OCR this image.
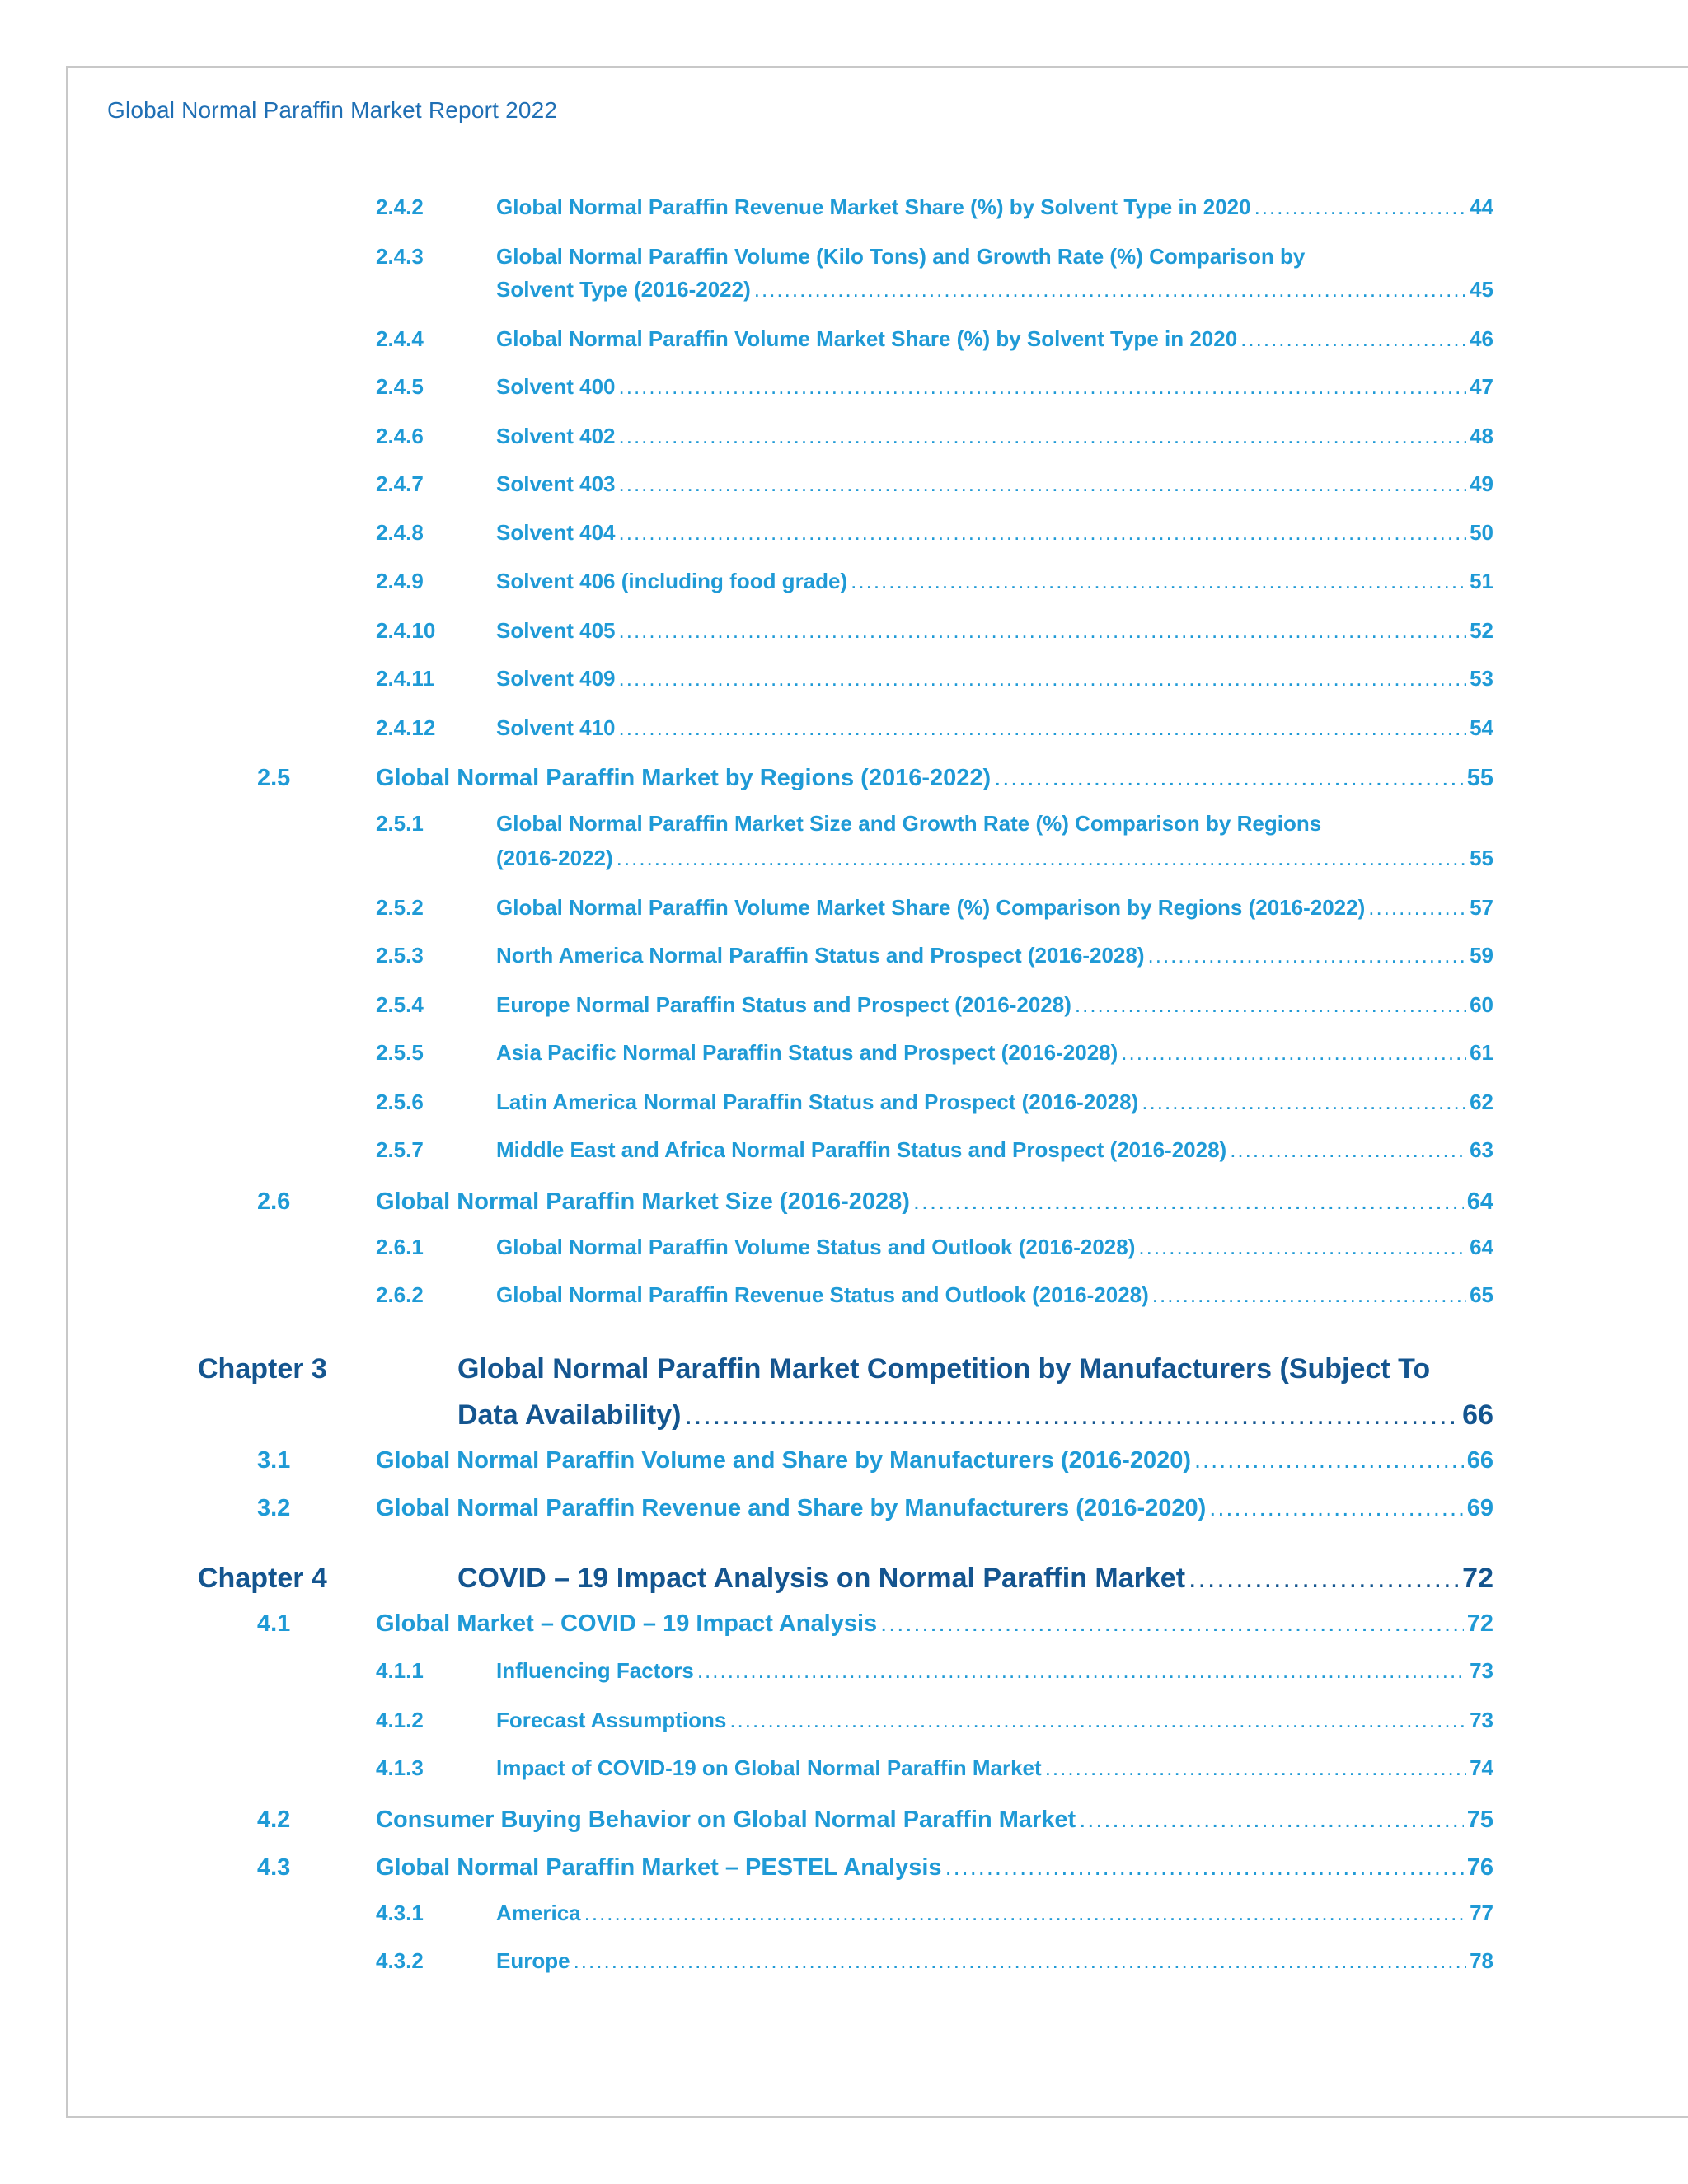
Global Normal Paraffin Market Report 2022
2.4.2	Global Normal Paraffin Revenue Market Share (%) by Solvent Type in 2020 .....	44
2.4.3	Global Normal Paraffin Volume (Kilo Tons) and Growth Rate (%) Comparison by
Solvent Type (2016-2022) .....	45
2.4.4	Global Normal Paraffin Volume Market Share (%) by Solvent Type in 2020 .....	46
2.4.5	Solvent 400 .....	47
2.4.6	Solvent 402 .....	48
2.4.7	Solvent 403 .....	49
2.4.8	Solvent 404 .....	50
2.4.9	Solvent 406 (including food grade) .....	51
2.4.10	Solvent 405 .....	52
2.4.11	Solvent 409 .....	53
2.4.12	Solvent 410 .....	54
2.5	Global Normal Paraffin Market by Regions (2016-2022) .....	55
2.5.1	Global Normal Paraffin Market Size and Growth Rate (%) Comparison by Regions
(2016-2022) .....	55
2.5.2	Global Normal Paraffin Volume Market Share (%) Comparison by Regions (2016-2022) .....	57
2.5.3	North America Normal Paraffin Status and Prospect (2016-2028) .....	59
2.5.4	Europe Normal Paraffin Status and Prospect (2016-2028) .....	60
2.5.5	Asia Pacific Normal Paraffin Status and Prospect (2016-2028) .....	61
2.5.6	Latin America Normal Paraffin Status and Prospect (2016-2028) .....	62
2.5.7	Middle East and Africa Normal Paraffin Status and Prospect (2016-2028) .....	63
2.6	Global Normal Paraffin Market Size (2016-2028) .....	64
2.6.1	Global Normal Paraffin Volume Status and Outlook (2016-2028) .....	64
2.6.2	Global Normal Paraffin Revenue Status and Outlook (2016-2028) .....	65
Chapter 3	Global Normal Paraffin Market Competition by Manufacturers (Subject To
Data Availability) .....	66
3.1	Global Normal Paraffin Volume and Share by Manufacturers (2016-2020) .....	66
3.2	Global Normal Paraffin Revenue and Share by Manufacturers (2016-2020) .....	69
Chapter 4	COVID – 19 Impact Analysis on Normal Paraffin Market .....	72
4.1	Global Market – COVID – 19 Impact Analysis .....	72
4.1.1	Influencing Factors .....	73
4.1.2	Forecast Assumptions .....	73
4.1.3	Impact of COVID-19 on Global Normal Paraffin Market .....	74
4.2	Consumer Buying Behavior on Global Normal Paraffin Market .....	75
4.3	Global Normal Paraffin Market – PESTEL Analysis .....	76
4.3.1	America .....	77
4.3.2	Europe .....	78
